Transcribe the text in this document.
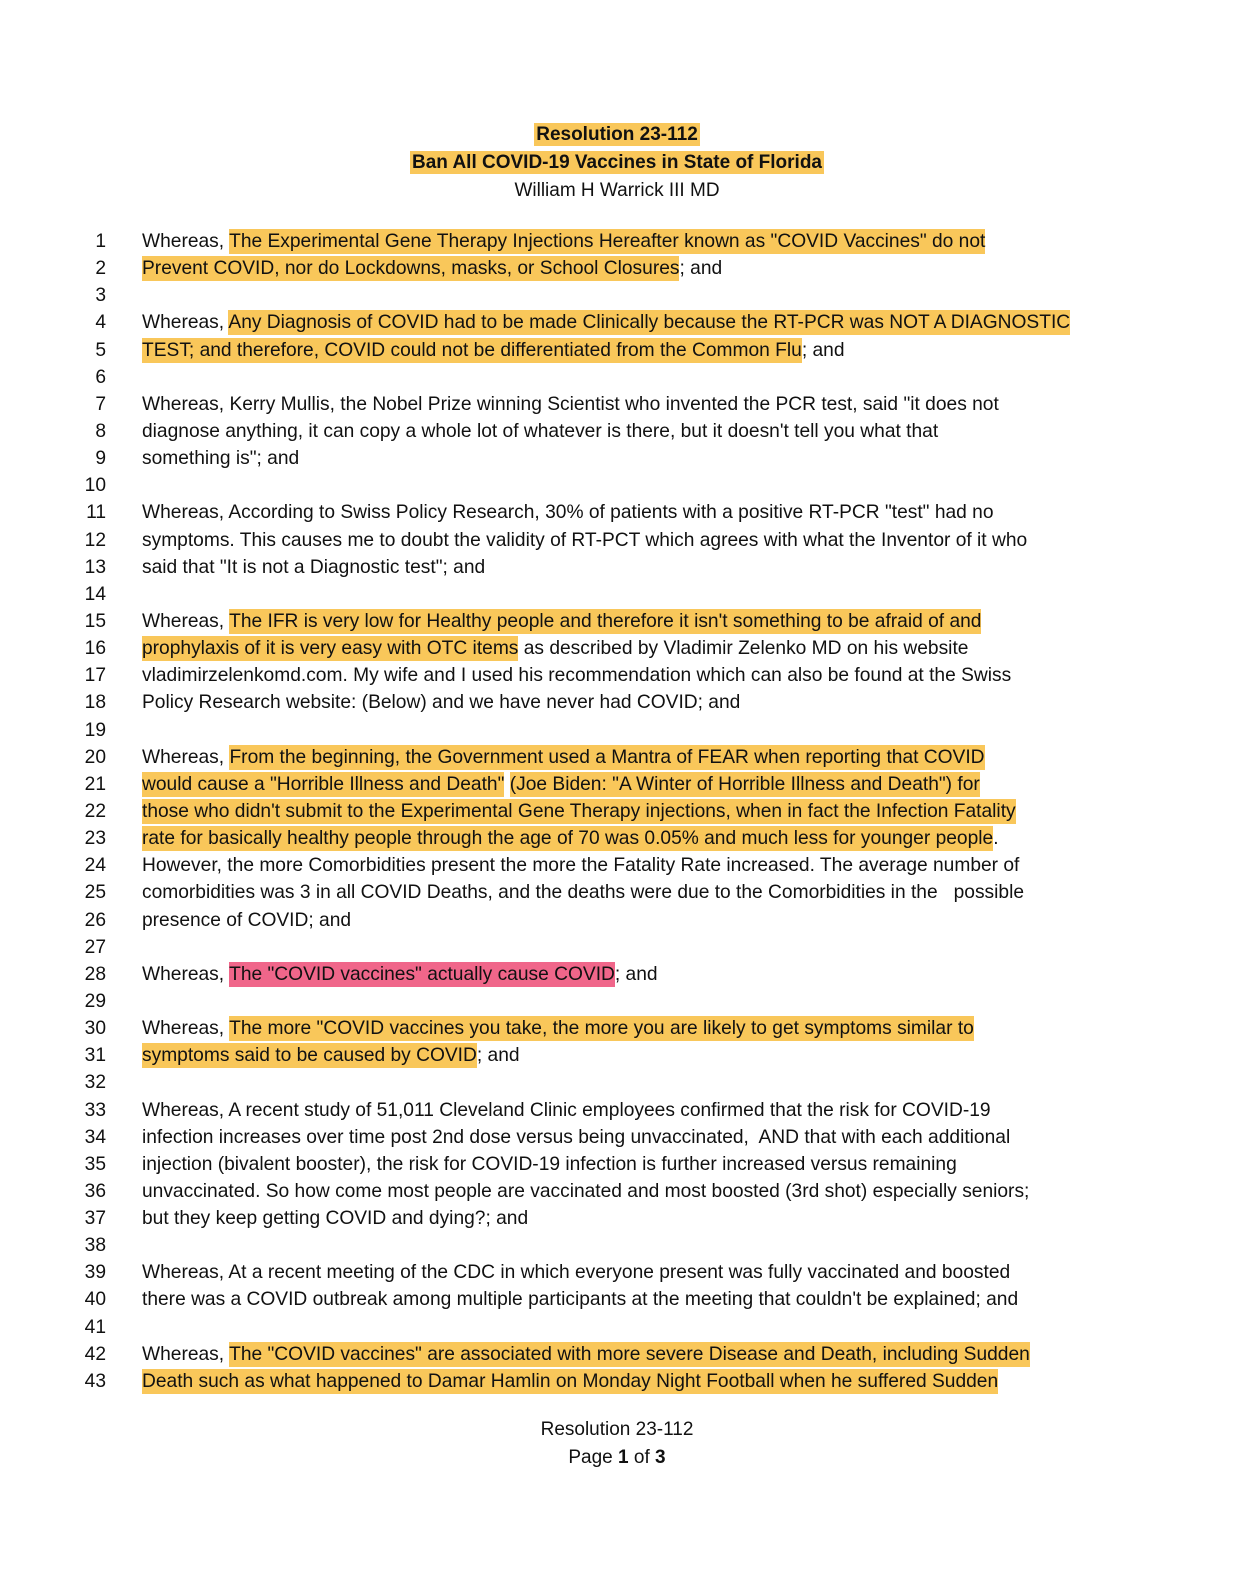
Resolution 23-112
Ban All COVID-19 Vaccines in State of Florida
William H Warrick III MD
1 Whereas, The Experimental Gene Therapy Injections Hereafter known as "COVID Vaccines" do not
2 Prevent COVID, nor do Lockdowns, masks, or School Closures; and
3
4 Whereas, Any Diagnosis of COVID had to be made Clinically because the RT-PCR was NOT A DIAGNOSTIC
5 TEST; and therefore, COVID could not be differentiated from the Common Flu; and
6
7 Whereas, Kerry Mullis, the Nobel Prize winning Scientist who invented the PCR test, said "it does not
8 diagnose anything, it can copy a whole lot of whatever is there, but it doesn't tell you what that
9 something is"; and
10
11 Whereas, According to Swiss Policy Research, 30% of patients with a positive RT-PCR "test" had no
12 symptoms. This causes me to doubt the validity of RT-PCT which agrees with what the Inventor of it who
13 said that "It is not a Diagnostic test"; and
14
15 Whereas, The IFR is very low for Healthy people and therefore it isn't something to be afraid of and
16 prophylaxis of it is very easy with OTC items as described by Vladimir Zelenko MD on his website
17 vladimirzelenkomd.com. My wife and I used his recommendation which can also be found at the Swiss
18 Policy Research website: (Below) and we have never had COVID; and
19
20 Whereas, From the beginning, the Government used a Mantra of FEAR when reporting that COVID
21 would cause a "Horrible Illness and Death" (Joe Biden: "A Winter of Horrible Illness and Death") for
22 those who didn't submit to the Experimental Gene Therapy injections, when in fact the Infection Fatality
23 rate for basically healthy people through the age of 70 was 0.05% and much less for younger people.
24 However, the more Comorbidities present the more the Fatality Rate increased. The average number of
25 comorbidities was 3 in all COVID Deaths, and the deaths were due to the Comorbidities in the   possible
26 presence of COVID; and
27
28 Whereas, The "COVID vaccines" actually cause COVID; and
29
30 Whereas, The more "COVID vaccines you take, the more you are likely to get symptoms similar to
31 symptoms said to be caused by COVID; and
32
33 Whereas, A recent study of 51,011 Cleveland Clinic employees confirmed that the risk for COVID-19
34 infection increases over time post 2nd dose versus being unvaccinated,  AND that with each additional
35 injection (bivalent booster), the risk for COVID-19 infection is further increased versus remaining
36 unvaccinated. So how come most people are vaccinated and most boosted (3rd shot) especially seniors;
37 but they keep getting COVID and dying?; and
38
39 Whereas, At a recent meeting of the CDC in which everyone present was fully vaccinated and boosted
40 there was a COVID outbreak among multiple participants at the meeting that couldn't be explained; and
41
42 Whereas, The "COVID vaccines" are associated with more severe Disease and Death, including Sudden
43 Death such as what happened to Damar Hamlin on Monday Night Football when he suffered Sudden
Resolution 23-112
Page 1 of 3
